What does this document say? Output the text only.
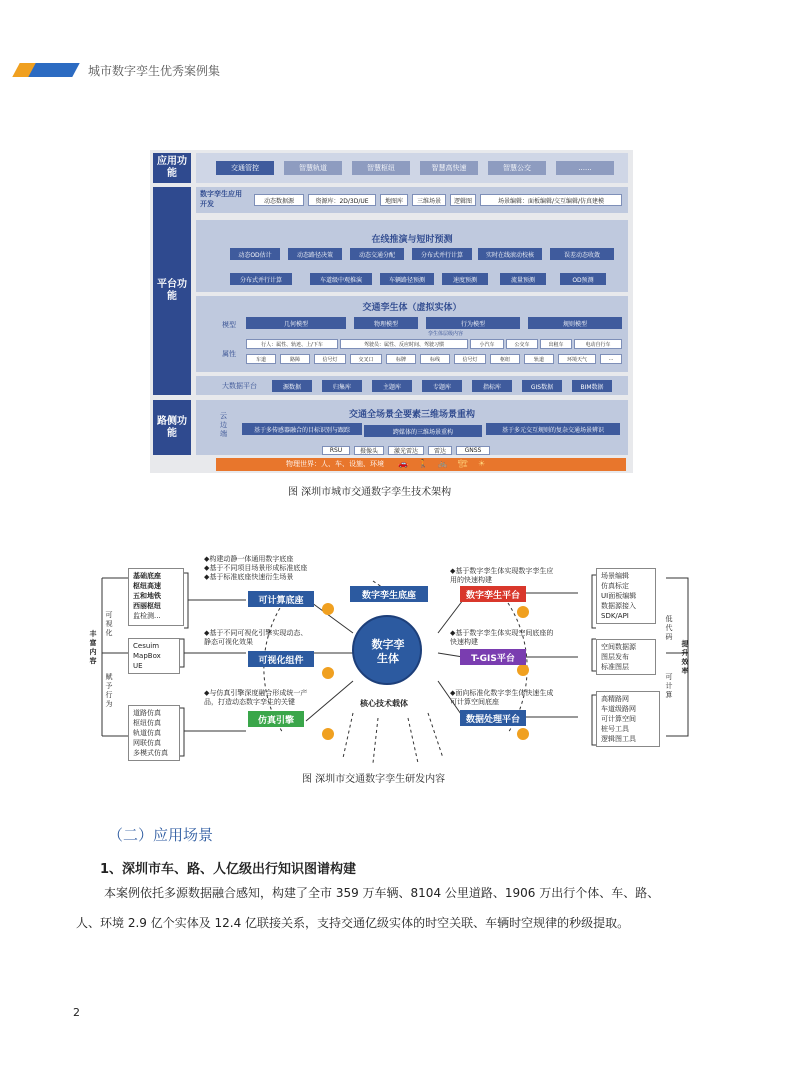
城市数字孪生优秀案例集
应用功能	交通管控	智慧轨道	智慧枢纽	智慧高快速	智慧公交	......
平台功能
数字孪生应用开发	动态数据源	资源库：2D/3D/UE	地图库	三维场景	逻辑图	场景编辑：面板编辑/交互编辑/仿真建模
在线推演与短时预测
动态OD估计	动态路径决策	动态交通分配	分布式并行计算	实时在线滚动校核	误差动态收敛
分布式并行计算	车道级中观推演	车辆路径预测	速度预测	流量预测	OD预测
交通孪生体（虚拟实体）
模型	几何模型	物理模型	行为模型	规则模型
孪生体层级内容
属性
行人：属性、轨迹、上/下车	驾驶员：属性、反应时间、驾驶习惯	小汽车	公交车	出租车	电动自行车
车道	路障	信号灯	交叉口	标牌	标线	信号灯	枢纽	轨道	环境天气	...
大数据平台	源数据	归集库	主题库	专题库	指标库	GIS数据	BIM数据
路侧功能
交通全场景全要素三维场景重构
云边端	基于多传感器融合的目标识别与跟踪	跨媒体的三维场景重构	基于多元交互规则的复杂交通场景辨识
RSU	摄像头	激光雷达	雷达	GNSS
物理世界：人、车、设施、环境 🚗🚶🚲🏗☀
图 深圳市城市交通数字孪生技术架构
丰富内容
可视化
赋予行为
基础底座
枢纽高速
五和地铁
西丽枢纽
监检测...
Cesuim
MapBox
UE
道路仿真
枢纽仿真
轨道仿真
网联仿真
多模式仿真
◆构建动静一体通用数字底座
◆基于不同项目场景形成标准底座
◆基于标准底座快速衍生场景
可计算底座
◆基于不同可视化引擎实现动态、
静态可视化效果
可视化组件
◆与仿真引擎深度融合形成统一产
品，打造动态数字孪生的关键
仿真引擎
数字孪生底座
数字孪生体
核心技术载体
◆基于数字孪生体实现数字孪生应
用的快速构建
数字孪生平台
◆基于数字孪生体实现空间底座的
快速构建
T-GIS平台
◆面向标准化数字孪生体快速生成
可计算空间底座
数据处理平台
场景编辑
仿真标定
UI面板编辑
数据源接入
SDK/API
空间数据源
图层发布
标准图层
高精路网
车道级路网
可计算空间
桩号工具
逻辑图工具
低代码
可计算
提升效率
图 深圳市交通数字孪生研发内容
（二）应用场景
1、深圳市车、路、人亿级出行知识图谱构建
本案例依托多源数据融合感知，构建了全市 359 万车辆、8104 公里道路、1906 万出行个体、车、路、
人、环境 2.9 亿个实体及 12.4 亿联接关系，支持交通亿级实体的时空关联、车辆时空规律的秒级提取。
2
